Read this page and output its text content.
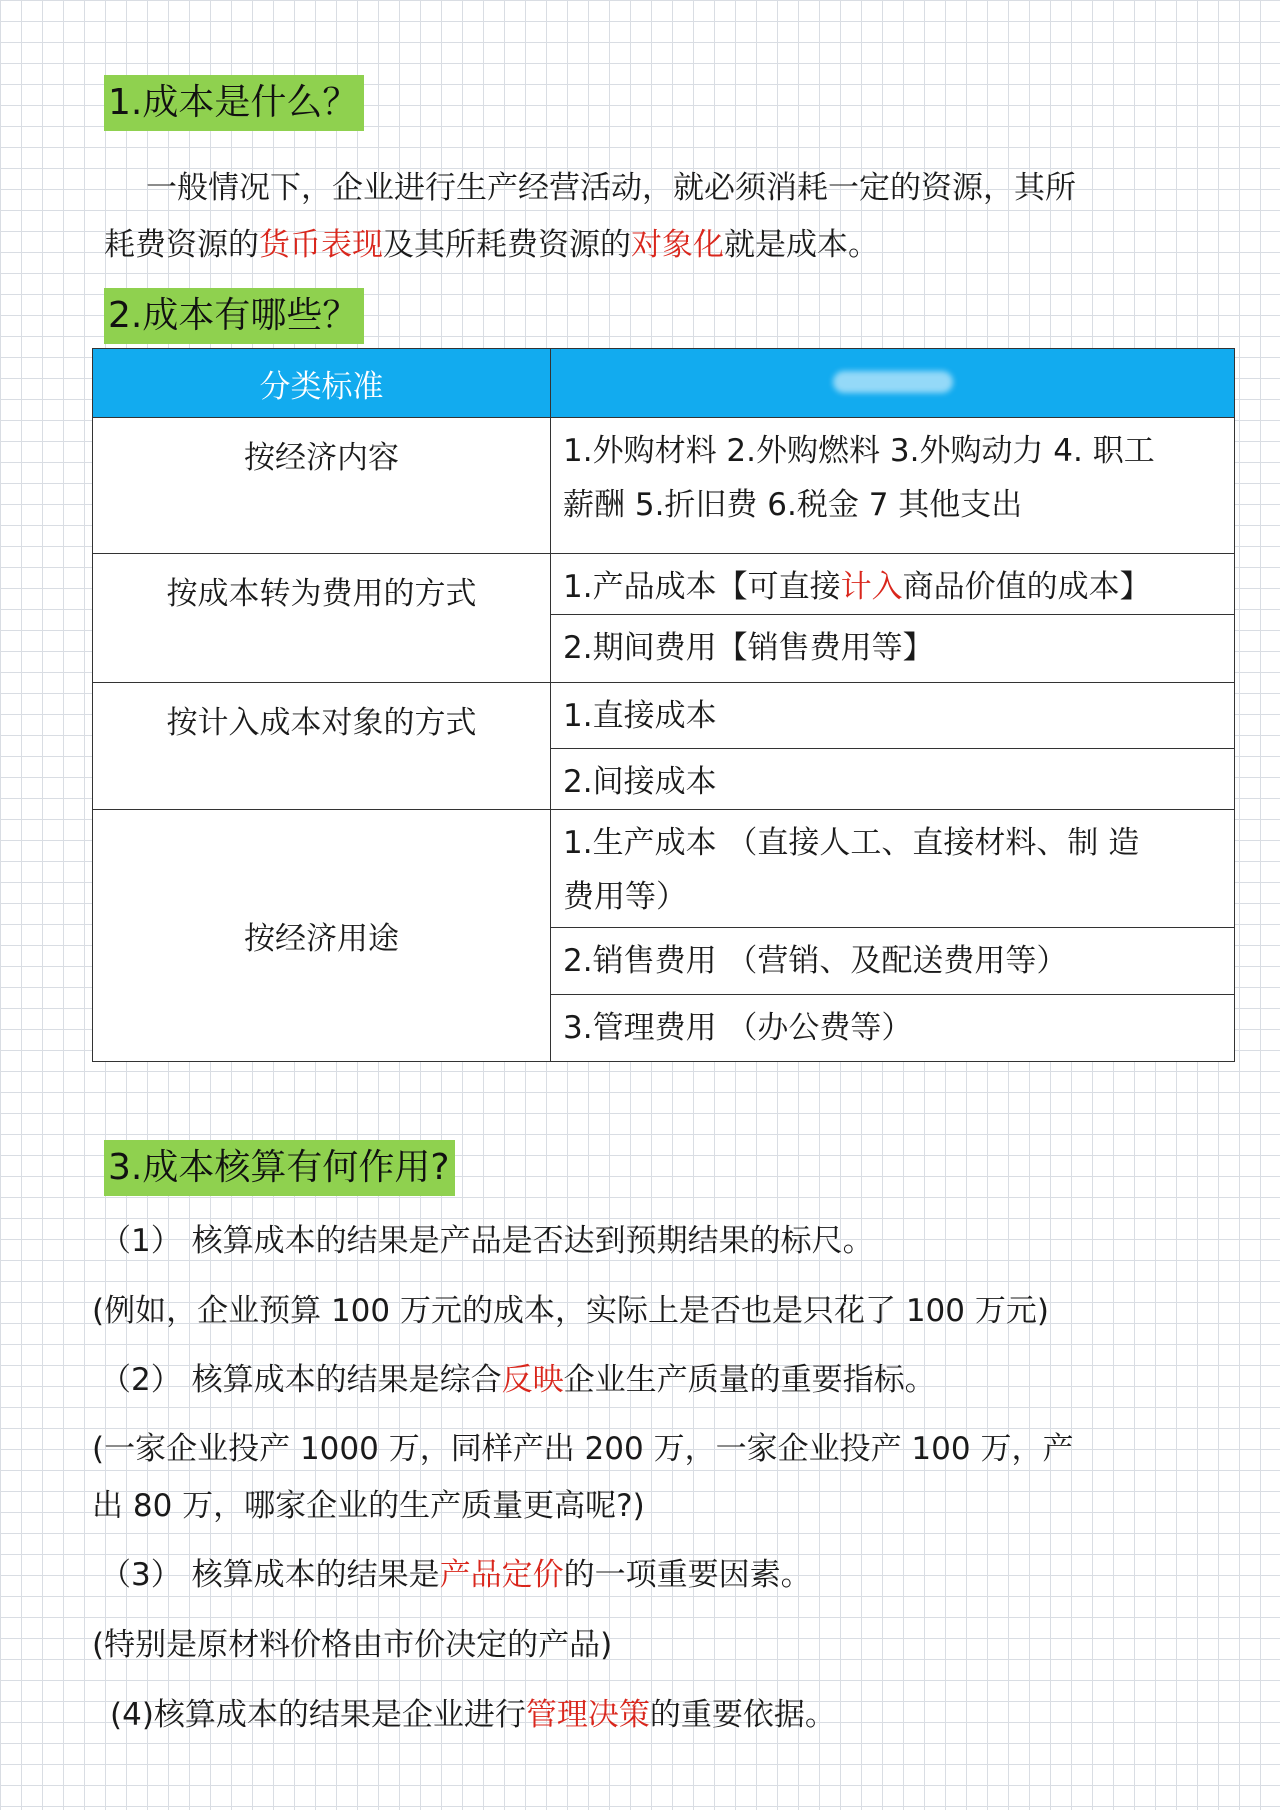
1.成本是什么？
一般情况下，企业进行生产经营活动，就必须消耗一定的资源，其所
耗费资源的货币表现及其所耗费资源的对象化就是成本。
2.成本有哪些？
分类标准	
按经济内容	1.外购材料 2.外购燃料 3.外购动力 4. 职工
薪酬 5.折旧费 6.税金 7 其他支出

按成本转为费用的方式	1.产品成本【可直接计入商品价值的成本】
	2.期间费用【销售费用等】
按计入成本对象的方式	1.直接成本
	2.间接成本
按经济用途	1.生产成本 （直接人工、直接材料、制 造
费用等）

	2.销售费用 （营销、及配送费用等）
	3.管理费用 （办公费等）
3.成本核算有何作用?
（1） 核算成本的结果是产品是否达到预期结果的标尺。
(例如，企业预算 100 万元的成本，实际上是否也是只花了 100 万元)
（2） 核算成本的结果是综合反映企业生产质量的重要指标。
(一家企业投产 1000 万，同样产出 200 万，一家企业投产 100 万，产
出 80 万，哪家企业的生产质量更高呢?)
（3） 核算成本的结果是产品定价的一项重要因素。
(特别是原材料价格由市价决定的产品)
(4)核算成本的结果是企业进行管理决策的重要依据。
